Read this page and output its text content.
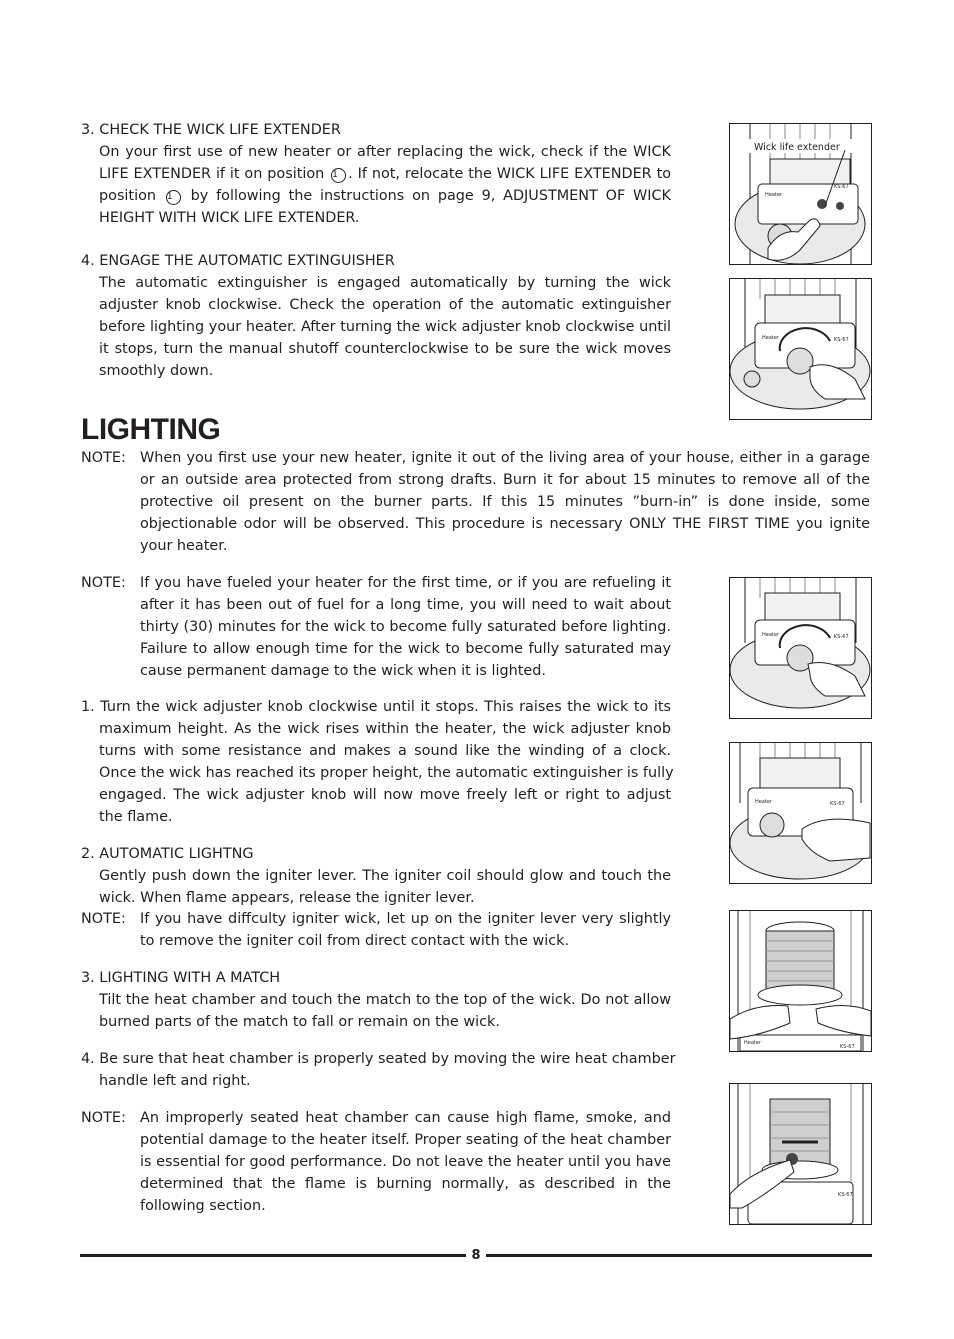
3. CHECK THE WICK LIFE EXTENDER
On your first use of new heater or after replacing the wick, check if the WICK
LIFE EXTENDER if it on position 1 . If not, relocate the WICK LIFE EXTENDER to
position 1 by following the instructions on page 9, ADJUSTMENT OF WICK
HEIGHT WITH WICK LIFE EXTENDER.
4. ENGAGE THE AUTOMATIC EXTINGUISHER
The automatic extinguisher is engaged automatically by turning the wick
adjuster knob clockwise. Check the operation of the automatic extinguisher
before lighting your heater. After turning the wick adjuster knob clockwise until
it stops, turn the manual shutoff counterclockwise to be sure the wick moves
smoothly down.
LIGHTING
NOTE: When you first use your new heater, ignite it out of the living area of your house, either in a garage
or an outside area protected from strong drafts. Burn it for about 15 minutes to remove all of the
protective oil present on the burner parts. If this 15 minutes ”burn-in” is done inside, some
objectionable odor will be observed. This procedure is necessary ONLY THE FIRST TIME you ignite
your heater.
NOTE: If you have fueled your heater for the first time, or if you are refueling it
after it has been out of fuel for a long time, you will need to wait about
thirty (30) minutes for the wick to become fully saturated before lighting.
Failure to allow enough time for the wick to become fully saturated may
cause permanent damage to the wick when it is lighted.
1. Turn the wick adjuster knob clockwise until it stops. This raises the wick to its
maximum height. As the wick rises within the heater, the wick adjuster knob
turns with some resistance and makes a sound like the winding of a clock.
Once the wick has reached its proper height, the automatic extinguisher is fully
engaged. The wick adjuster knob will now move freely left or right to adjust
the flame.
2. AUTOMATIC LIGHTNG
Gently push down the igniter lever. The igniter coil should glow and touch the
wick. When flame appears, release the igniter lever.
NOTE: If you have diffculty igniter wick, let up on the igniter lever very slightly
to remove the igniter coil from direct contact with the wick.
3. LIGHTING WITH A MATCH
Tilt the heat chamber and touch the match to the top of the wick. Do not allow
burned parts of the match to fall or remain on the wick.
4. Be sure that heat chamber is properly seated by moving the wire heat chamber
handle left and right.
NOTE: An improperly seated heat chamber can cause high flame, smoke, and
potential damage to the heater itself. Proper seating of the heat chamber
is essential for good performance. Do not leave the heater until you have
determined that the flame is burning normally, as described in the
following section.
Heater
KS-67
Wick life extender
Heater	KS-67
Heater	KS-67
Heater	KS-67
Heater
KS-67
KS-67
8
